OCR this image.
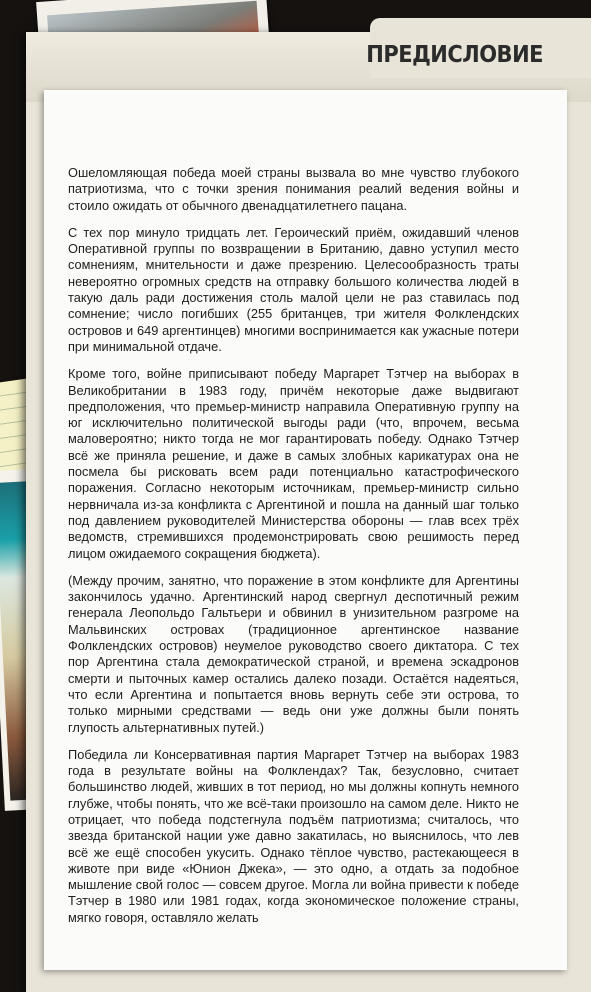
ПРЕДИСЛОВИЕ

Ошеломляющая победа моей страны вызвала во мне чувство глубокого патриотизма, что с точки зрения понимания реалий ведения войны и стоило ожидать от обычного двенадцатилетнего пацана.

С тех пор минуло тридцать лет. Героический приём, ожидавший членов Оперативной группы по возвращении в Британию, давно уступил место сомнениям, мнительности и даже презрению. Целесообразность траты невероятно огромных средств на отправку большого количества людей в такую даль ради достижения столь малой цели не раз ставилась под сомнение; число погибших (255 британцев, три жителя Фолклендских островов и 649 аргентинцев) многими воспринимается как ужасные потери при минимальной отдаче.

Кроме того, войне приписывают победу Маргарет Тэтчер на выборах в Великобритании в 1983 году, причём некоторые даже выдвигают предположения, что премьер-министр направила Оперативную группу на юг исключительно политической выгоды ради (что, впрочем, весьма маловероятно; никто тогда не мог гарантировать победу. Однако Тэтчер всё же приняла решение, и даже в самых злобных карикатурах она не посмела бы рисковать всем ради потенциально катастрофического поражения. Согласно некоторым источникам, премьер-министр сильно нервничала из-за конфликта с Аргентиной и пошла на данный шаг только под давлением руководителей Министерства обороны — глав всех трёх ведомств, стремившихся продемонстрировать свою решимость перед лицом ожидаемого сокращения бюджета).

(Между прочим, занятно, что поражение в этом конфликте для Аргентины закончилось удачно. Аргентинский народ свергнул деспотичный режим генерала Леопольдо Гальтьери и обвинил в унизительном разгроме на Мальвинских островах (традиционное аргентинское название Фолклендских островов) неумелое руководство своего диктатора. С тех пор Аргентина стала демократической страной, и времена эскадронов смерти и пыточных камер остались далеко позади. Остаётся надеяться, что если Аргентина и попытается вновь вернуть себе эти острова, то только мирными средствами — ведь они уже должны были понять глупость альтернативных путей.)

Победила ли Консервативная партия Маргарет Тэтчер на выборах 1983 года в результате войны на Фолклендах? Так, безусловно, считает большинство людей, живших в тот период, но мы должны копнуть немного глубже, чтобы понять, что же всё-таки произошло на самом деле. Никто не отрицает, что победа подстегнула подъём патриотизма; считалось, что звезда британской нации уже давно закатилась, но выяснилось, что лев всё же ещё способен укусить. Однако тёплое чувство, растекающееся в животе при виде «Юнион Джека», — это одно, а отдать за подобное мышление свой голос — совсем другое. Могла ли война привести к победе Тэтчер в 1980 или 1981 годах, когда экономическое положение страны, мягко говоря, оставляло желать
